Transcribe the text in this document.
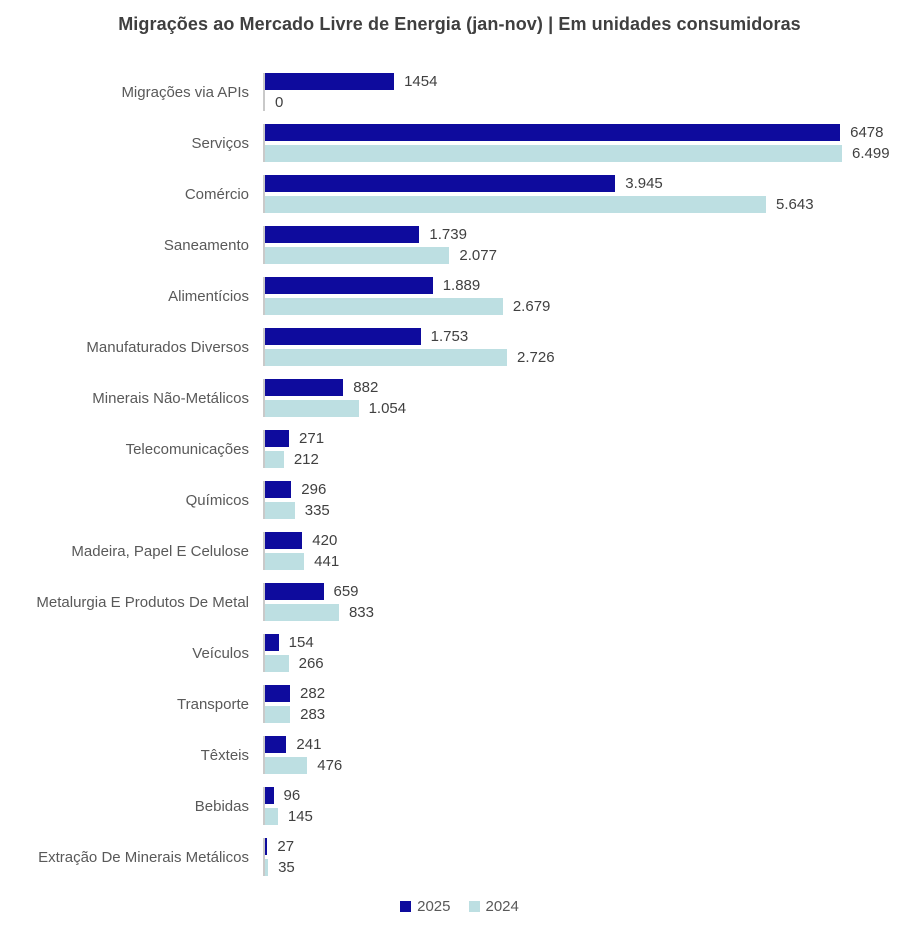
Migrações ao Mercado Livre de Energia (jan-nov) | Em unidades consumidoras
Migrações via APIs
1454
0
Serviços
6478
6.499
Comércio
3.945
5.643
Saneamento
1.739
2.077
Alimentícios
1.889
2.679
Manufaturados Diversos
1.753
2.726
Minerais Não-Metálicos
882
1.054
Telecomunicações
271
212
Químicos
296
335
Madeira, Papel E Celulose
420
441
Metalurgia E Produtos De Metal
659
833
Veículos
154
266
Transporte
282
283
Têxteis
241
476
Bebidas
96
145
Extração De Minerais Metálicos
27
35
2025 2024
